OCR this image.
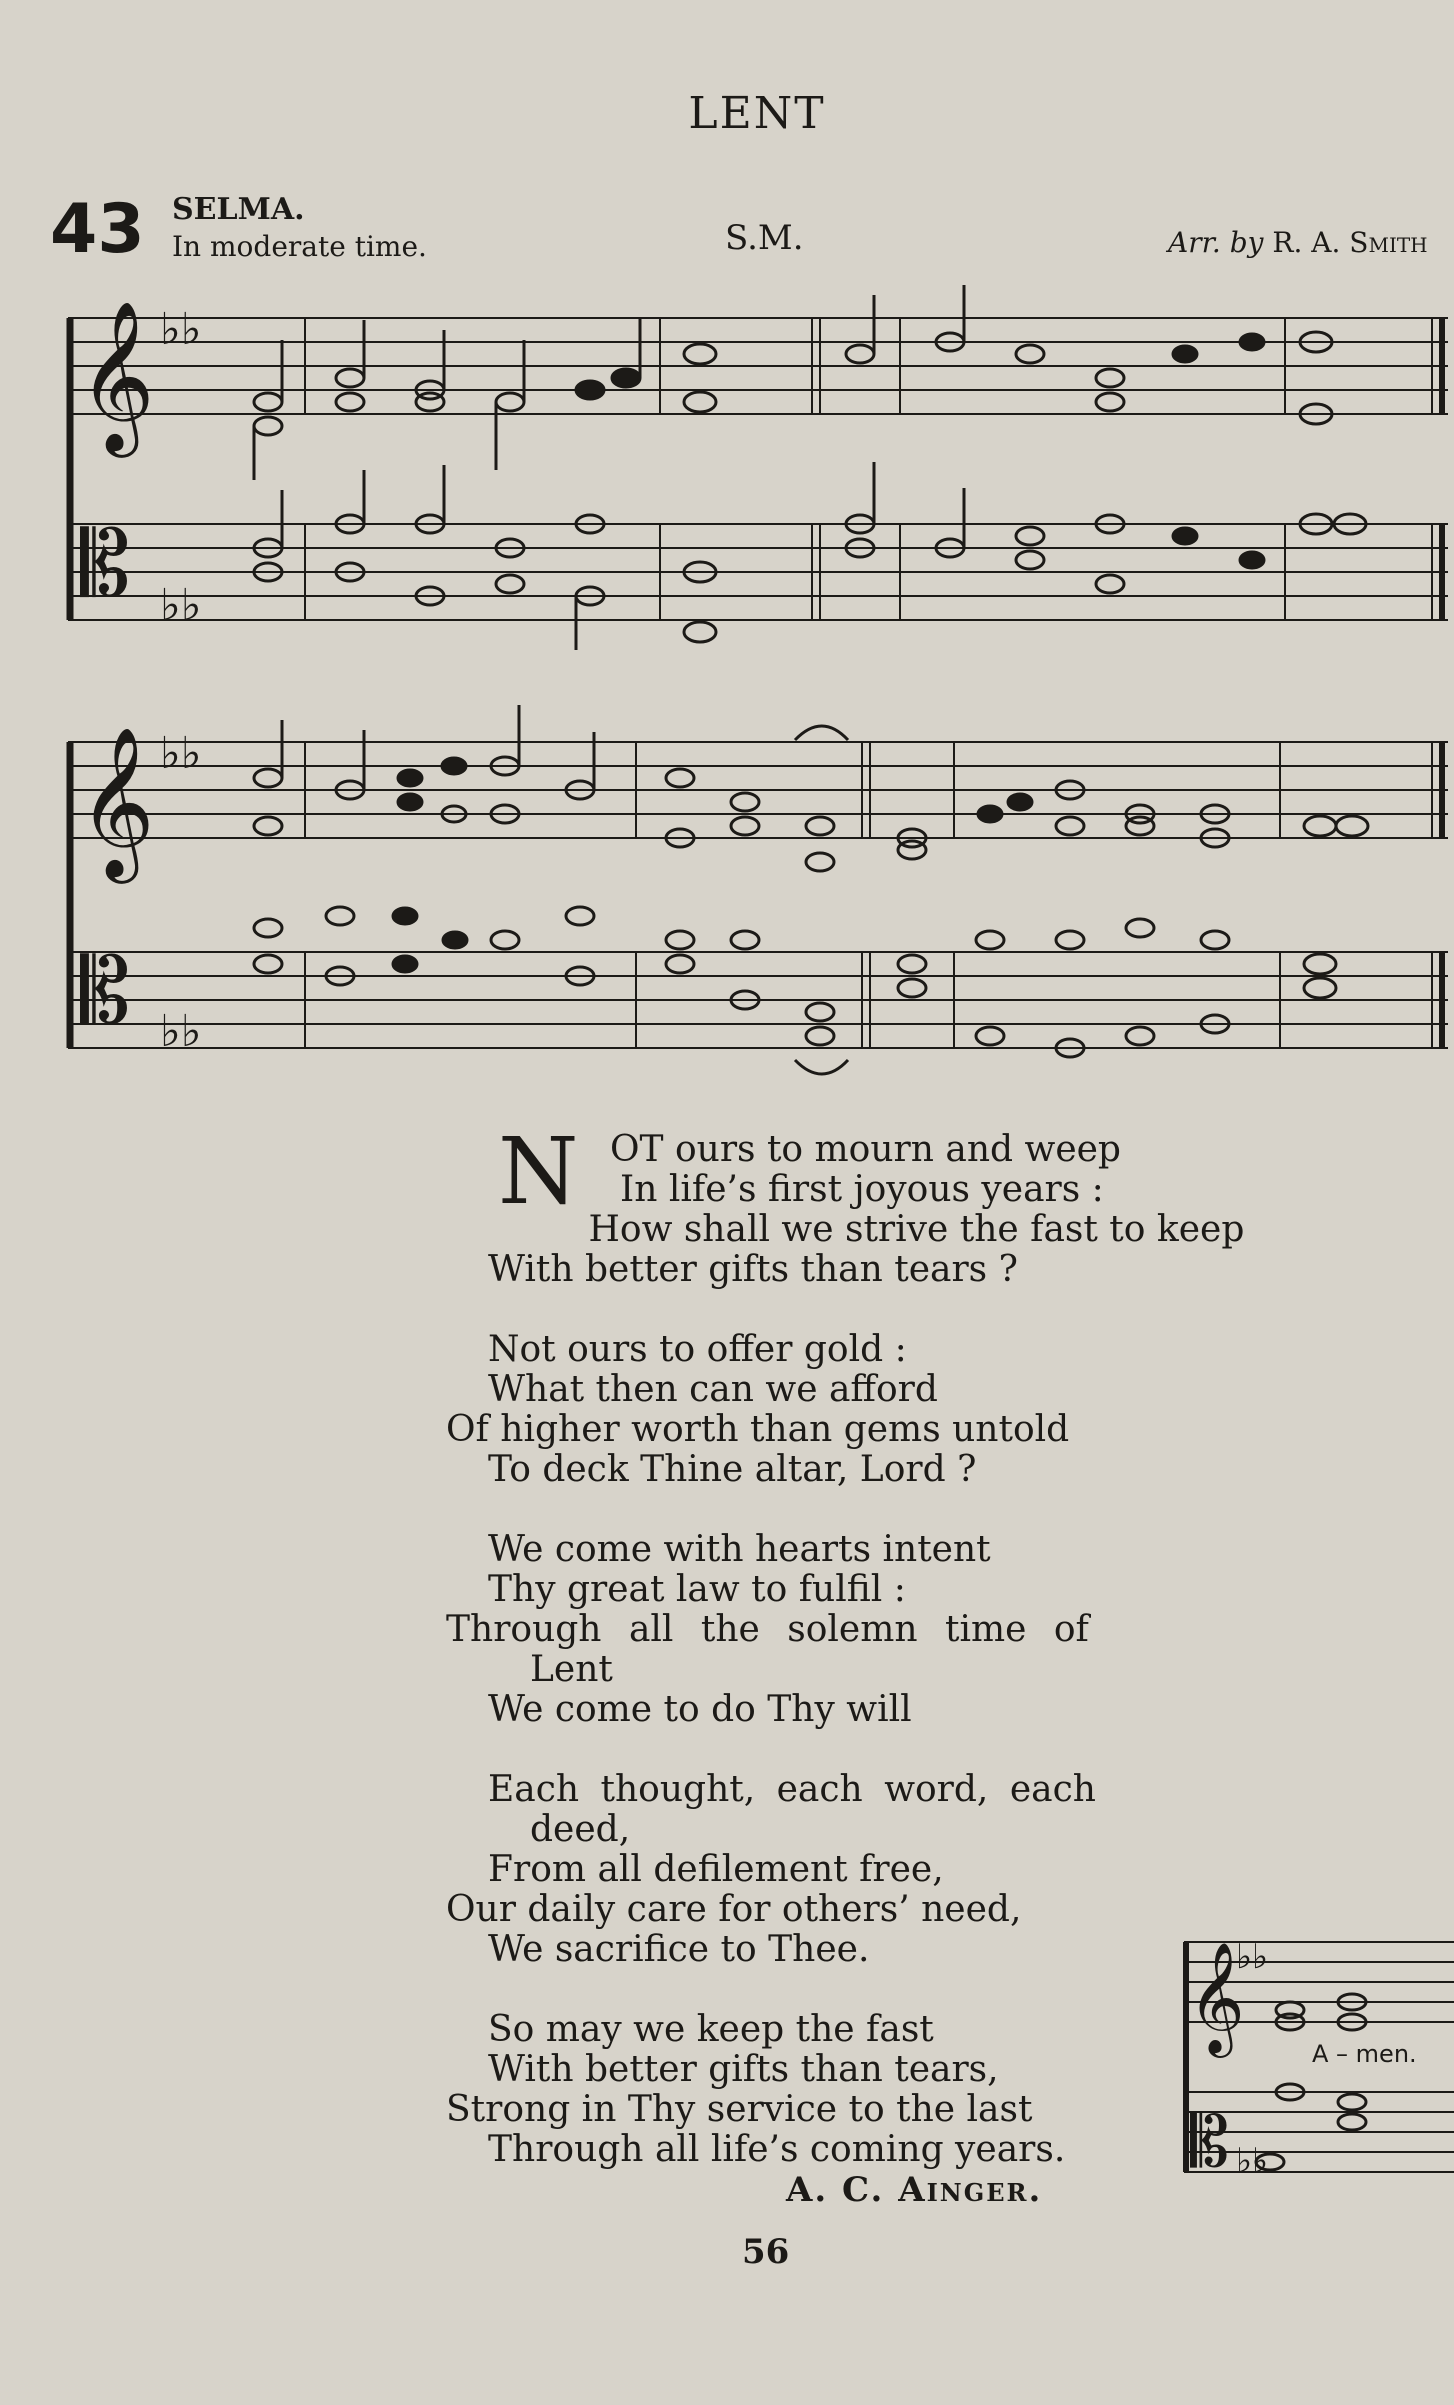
LENT
43 SELMA.
In moderate time.	S.M.	Arr. by R. A. Smith
𝄞
𝄡
♭♭
♭♭
𝄞
𝄡
♭♭
♭♭
𝄞
𝄡
♭♭
♭♭
A – men.
N OT ours to mourn and weep
In life’s first joyous years :
How shall we strive the fast to keep
With better gifts than tears ?
Not ours to offer gold :
What then can we afford
Of higher worth than gems untold
To deck Thine altar, Lord ?
We come with hearts intent
Thy great law to fulfil :
Through all the solemn time of
Lent
We come to do Thy will
Each thought, each word, each
deed,
From all defilement free,
Our daily care for others’ need,
We sacrifice to Thee.
So may we keep the fast
With better gifts than tears,
Strong in Thy service to the last
Through all life’s coming years.
A. C. Ainger.
56
